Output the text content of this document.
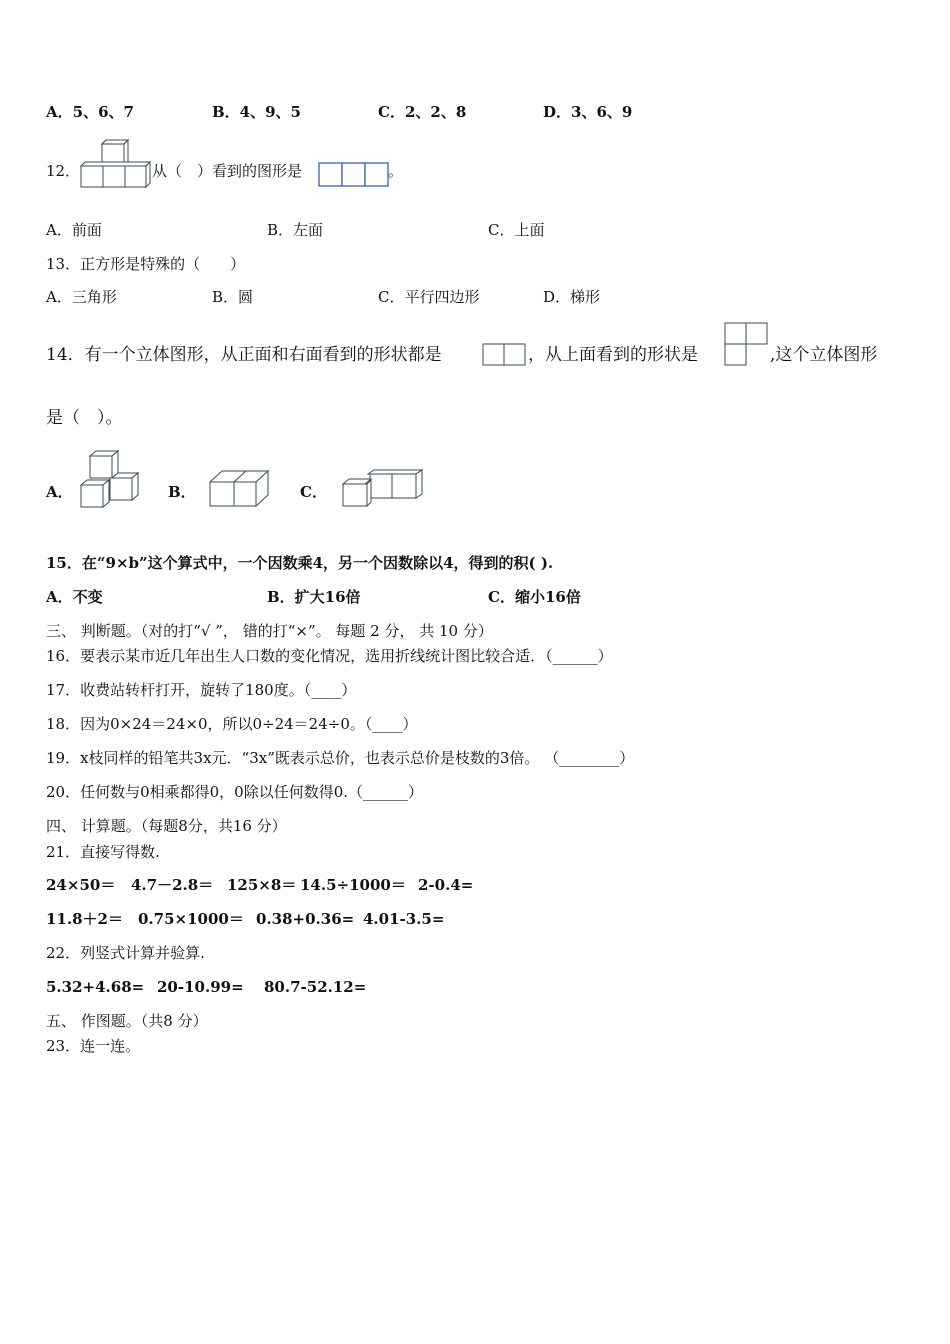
A．5、6、7	B．4、9、5	C．2、2、8	D．3、6、9
12．	从（　）看到的图形是	。
A．前面	B．左面	C．上面
13．正方形是特殊的（　　）
A．三角形	B．圆	C．平行四边形	D．梯形
14．有一个立体图形，从正面和右面看到的形状都是	，从上面看到的形状是	,这个立体图形
是（　）。
A．	B．	C．
15．在“9×b”这个算式中，一个因数乘4，另一个因数除以4，得到的积( ).
A．不变	B．扩大16倍	C．缩小16倍
三、 判断题。（对的打“√ ”， 错的打“×”。 每题 2 分， 共 10 分）
16．要表示某市近几年出生人口数的变化情况，选用折线统计图比较合适．（______）
17．收费站转杆打开，旋转了180度。（____）
18．因为0×24＝24×0，所以0÷24＝24÷0。（____）
19．x枝同样的铅笔共3x元．“3x”既表示总价，也表示总价是枝数的3倍。 （________）
20．任何数与0相乘都得0，0除以任何数得0.（______）
四、 计算题。（每题8分，共16 分）
21．直接写得数.
24×50＝ 4.7－2.8＝ 125×8＝ 14.5÷1000＝ 2-0.4=
11.8＋2＝ 0.75×1000＝ 0.38+0.36= 4.01-3.5=
22．列竖式计算并验算.
5.32+4.68= 20-10.99= 80.7-52.12=
五、 作图题。（共8 分）
23．连一连。
